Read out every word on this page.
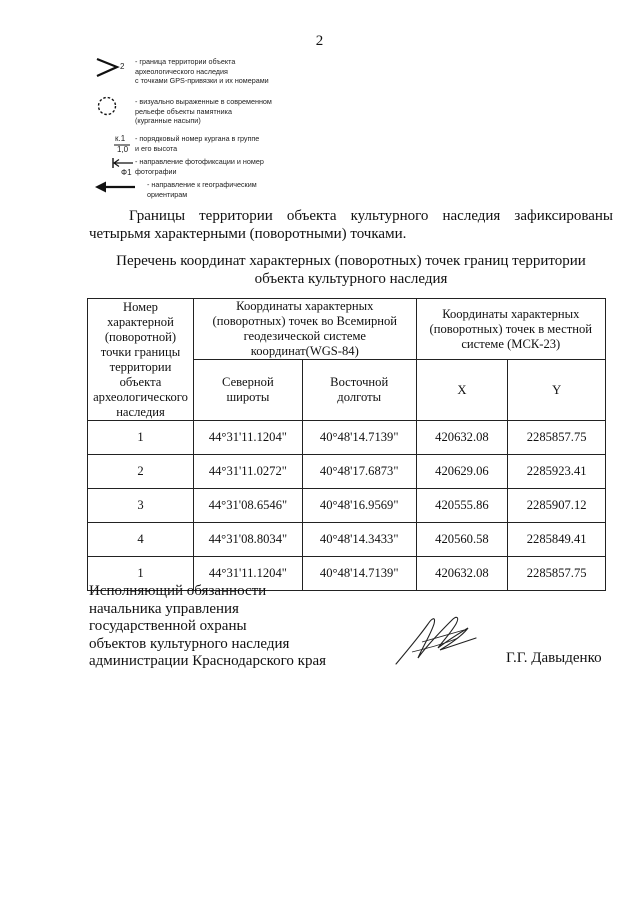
2
2
- граница территории объекта
археологического наследия
с точками GPS-привязки и их номерами
- визуально выраженные в современном
рельефе объекты памятника
(курганные насыпи)
к.1
1,0
- порядковый номер кургана в группе
и его высота
Ф1
- направление фотофиксации и номер
фотографии
- направление к географическим
ориентирам
Границы территории объекта культурного наследия зафиксированы
четырьмя характерными (поворотными) точками.
Перечень координат характерных (поворотных) точек границ территории
объекта культурного наследия
Номер характерной (поворотной) точки границы территории объекта археологического наследия	Координаты характерных (поворотных) точек во Всемирной геодезической системе координат(WGS-84)		Координаты характерных (поворотных) точек в местной системе (МСК-23)	
	Северной широты	Восточной долготы	X	Y
1	44°31'11.1204"	40°48'14.7139"	420632.08	2285857.75
2	44°31'11.0272"	40°48'17.6873"	420629.06	2285923.41
3	44°31'08.6546"	40°48'16.9569"	420555.86	2285907.12
4	44°31'08.8034"	40°48'14.3433"	420560.58	2285849.41
1	44°31'11.1204"	40°48'14.7139"	420632.08	2285857.75
Исполняющий обязанности
начальника управления
государственной охраны
объектов культурного наследия
администрации Краснодарского края	Г.Г. Давыденко
